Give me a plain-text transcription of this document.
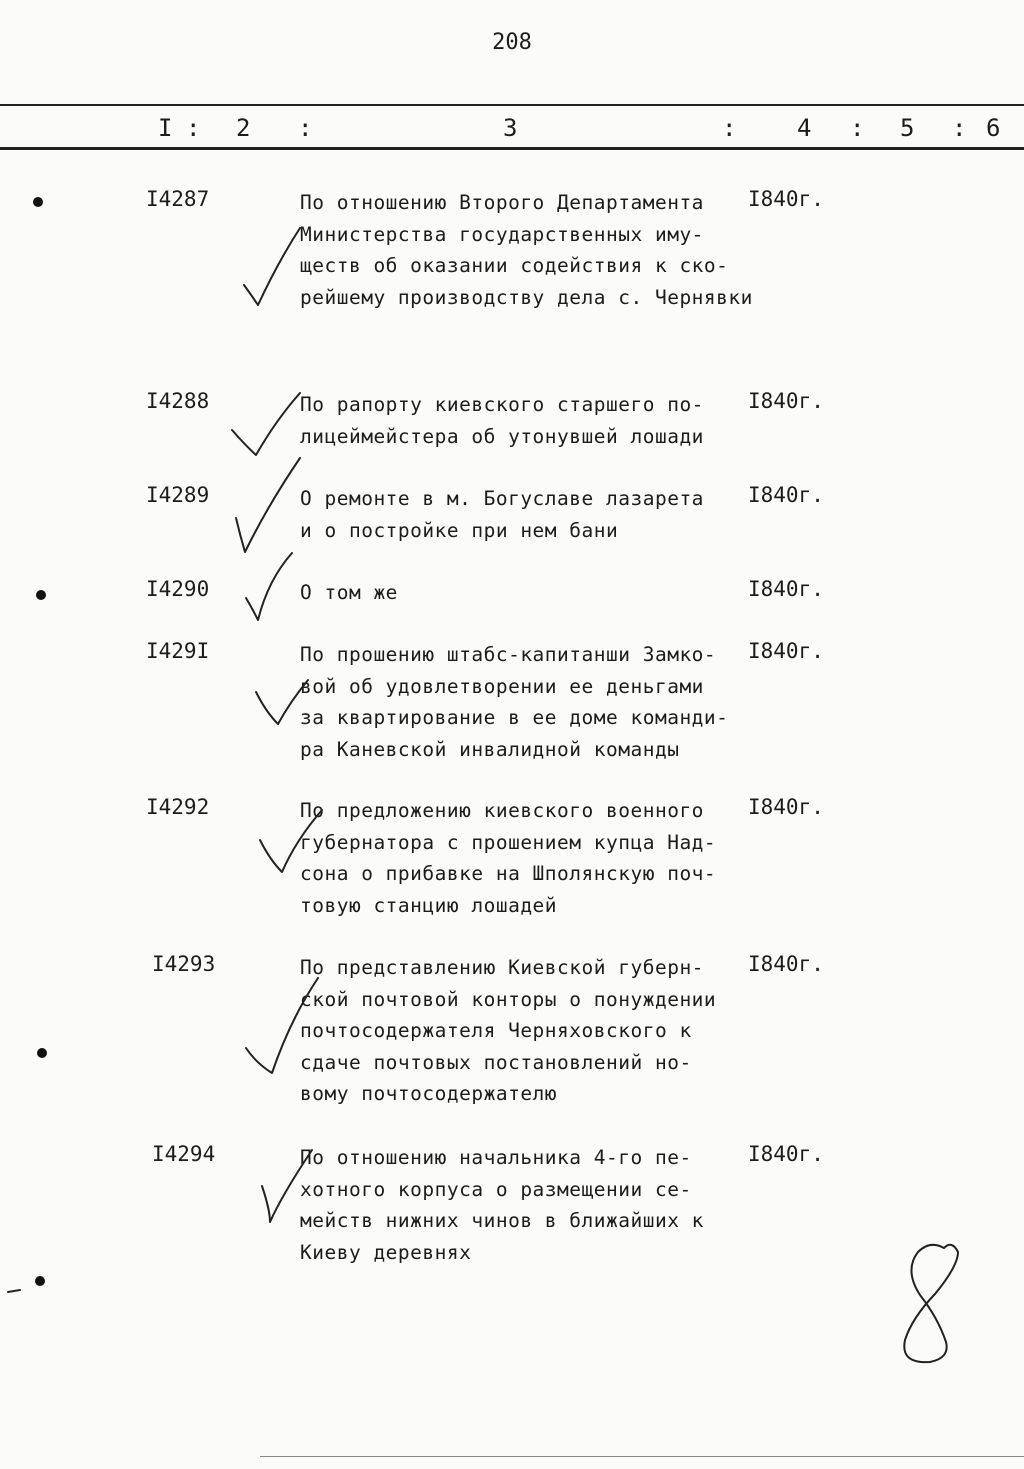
208
I : 2 :	3	:	4 : 5 : 6
I4287	По отношению Второго Департамента
Министерства государственных иму-
ществ об оказании содействия к ско-
рейшему производству дела с. Чернявки
I840г.
I4288	По рапорту киевского старшего по-
лицеймейстера об утонувшей лошади
I840г.
I4289	О ремонте в м. Богуславе лазарета
и о постройке при нем бани
I840г.
I4290	О том же	I840г.
I429I	По прошению штабс-капитанши Замко-
вой об удовлетворении ее деньгами
за квартирование в ее доме команди-
ра Каневской инвалидной команды
I840г.
I4292	По предложению киевского военного
губернатора с прошением купца Над-
сона о прибавке на Шполянскую поч-
товую станцию лошадей
I840г.
I4293	По представлению Киевской губерн-
ской почтовой конторы о понуждении
почтосодержателя Черняховского к
сдаче почтовых постановлений но-
вому почтосодержателю
I840г.
I4294	По отношению начальника 4-го пе-
хотного корпуса о размещении се-
мейств нижних чинов в ближайших к
Киеву деревнях
I840г.
